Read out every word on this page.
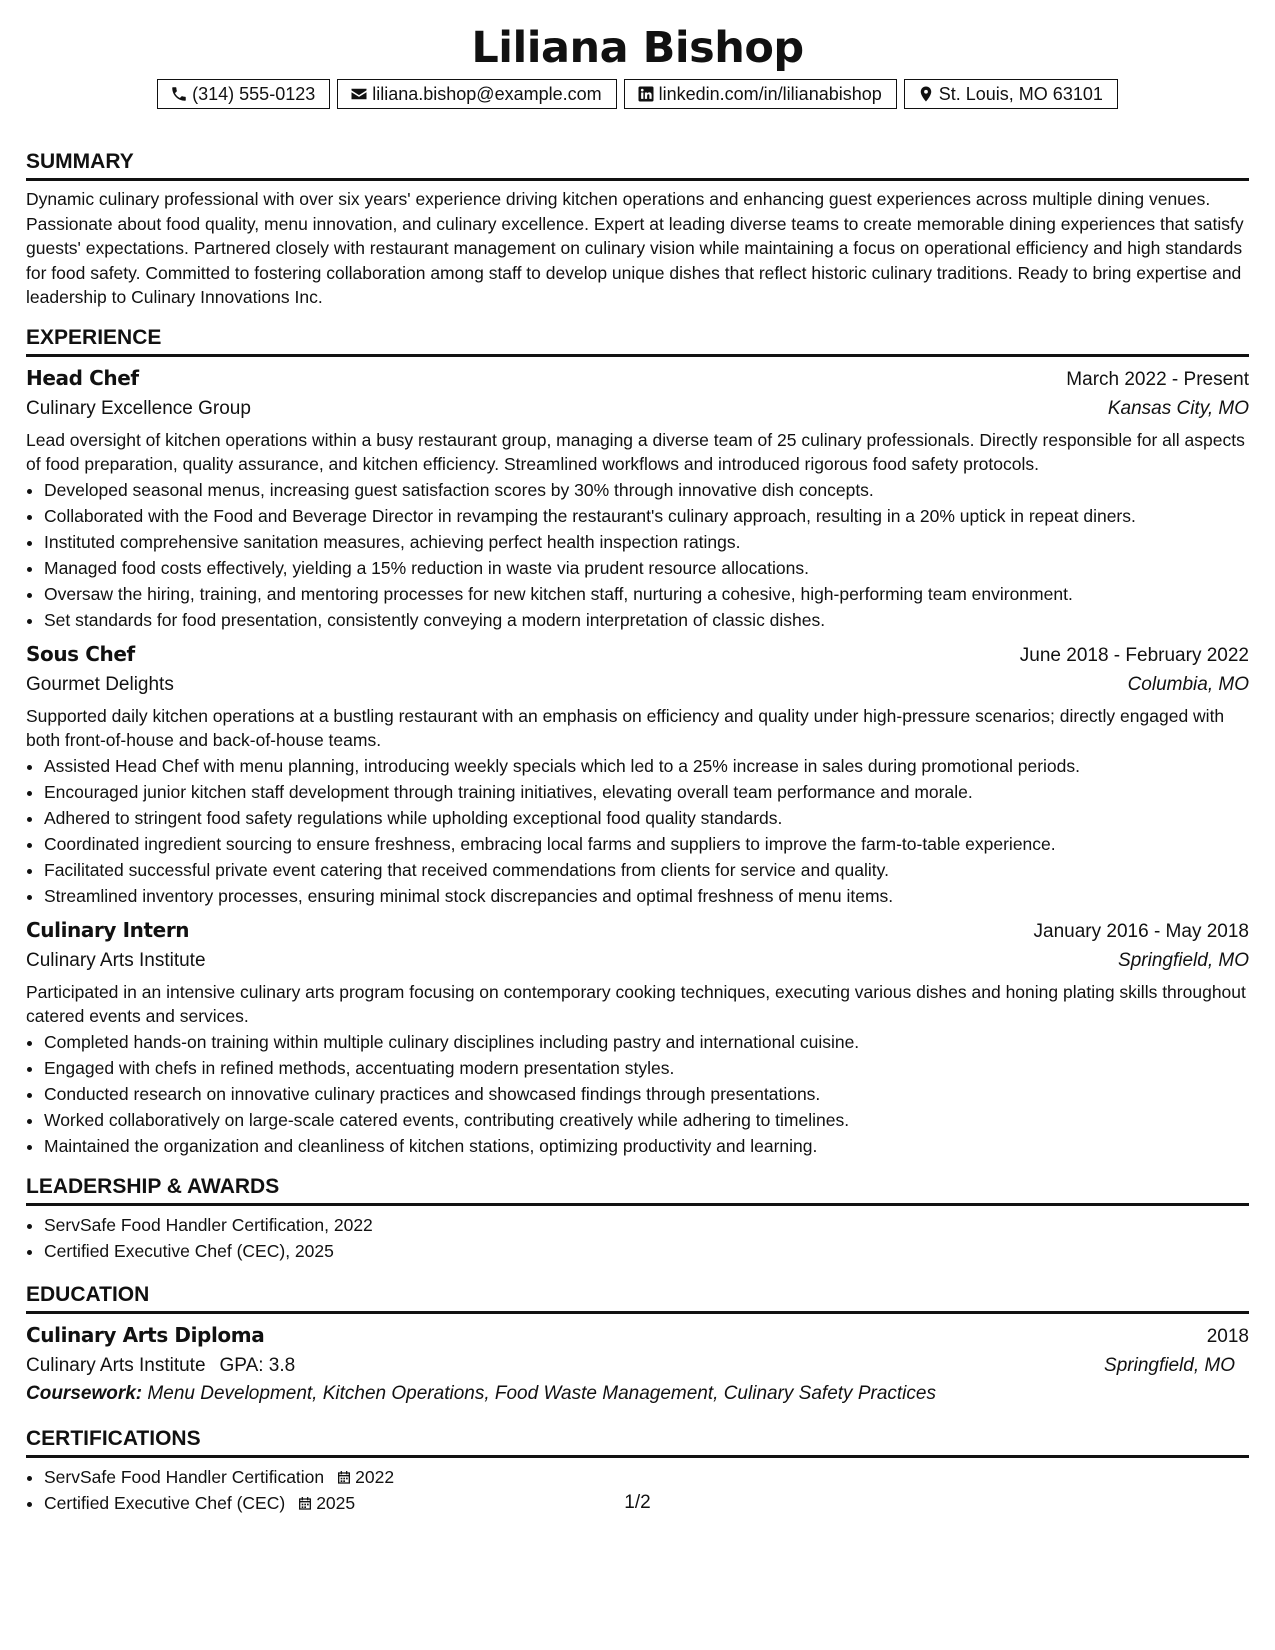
Liliana Bishop
(314) 555-0123	liliana.bishop@example.com	linkedin.com/in/lilianabishop	St. Louis, MO 63101
SUMMARY

Dynamic culinary professional with over six years' experience driving kitchen operations and enhancing guest experiences across multiple dining venues. Passionate about food quality, menu innovation, and culinary excellence. Expert at leading diverse teams to create memorable dining experiences that satisfy guests' expectations. Partnered closely with restaurant management on culinary vision while maintaining a focus on operational efficiency and high standards for food safety. Committed to fostering collaboration among staff to develop unique dishes that reflect historic culinary traditions. Ready to bring expertise and leadership to Culinary Innovations Inc.

EXPERIENCE
Head Chef	March 2022 - Present
Culinary Excellence Group	Kansas City, MO

Lead oversight of kitchen operations within a busy restaurant group, managing a diverse team of 25 culinary professionals. Directly responsible for all aspects of food preparation, quality assurance, and kitchen efficiency. Streamlined workflows and introduced rigorous food safety protocols.

• Developed seasonal menus, increasing guest satisfaction scores by 30% through innovative dish concepts.
• Collaborated with the Food and Beverage Director in revamping the restaurant's culinary approach, resulting in a 20% uptick in repeat diners.
• Instituted comprehensive sanitation measures, achieving perfect health inspection ratings.
• Managed food costs effectively, yielding a 15% reduction in waste via prudent resource allocations.
• Oversaw the hiring, training, and mentoring processes for new kitchen staff, nurturing a cohesive, high-performing team environment.
• Set standards for food presentation, consistently conveying a modern interpretation of classic dishes.
Sous Chef	June 2018 - February 2022
Gourmet Delights	Columbia, MO

Supported daily kitchen operations at a bustling restaurant with an emphasis on efficiency and quality under high-pressure scenarios; directly engaged with both front-of-house and back-of-house teams.

• Assisted Head Chef with menu planning, introducing weekly specials which led to a 25% increase in sales during promotional periods.
• Encouraged junior kitchen staff development through training initiatives, elevating overall team performance and morale.
• Adhered to stringent food safety regulations while upholding exceptional food quality standards.
• Coordinated ingredient sourcing to ensure freshness, embracing local farms and suppliers to improve the farm-to-table experience.
• Facilitated successful private event catering that received commendations from clients for service and quality.
• Streamlined inventory processes, ensuring minimal stock discrepancies and optimal freshness of menu items.
Culinary Intern	January 2016 - May 2018
Culinary Arts Institute	Springfield, MO

Participated in an intensive culinary arts program focusing on contemporary cooking techniques, executing various dishes and honing plating skills throughout catered events and services.

• Completed hands-on training within multiple culinary disciplines including pastry and international cuisine.
• Engaged with chefs in refined methods, accentuating modern presentation styles.
• Conducted research on innovative culinary practices and showcased findings through presentations.
• Worked collaboratively on large-scale catered events, contributing creatively while adhering to timelines.
• Maintained the organization and cleanliness of kitchen stations, optimizing productivity and learning.
LEADERSHIP & AWARDS
• ServSafe Food Handler Certification, 2022
• Certified Executive Chef (CEC), 2025
EDUCATION
Culinary Arts Diploma	2018
Culinary Arts Institute GPA: 3.8	Springfield, MO
Coursework: Menu Development, Kitchen Operations, Food Waste Management, Culinary Safety Practices
CERTIFICATIONS
• ServSafe Food Handler Certification 2022
• Certified Executive Chef (CEC) 2025	1/2
